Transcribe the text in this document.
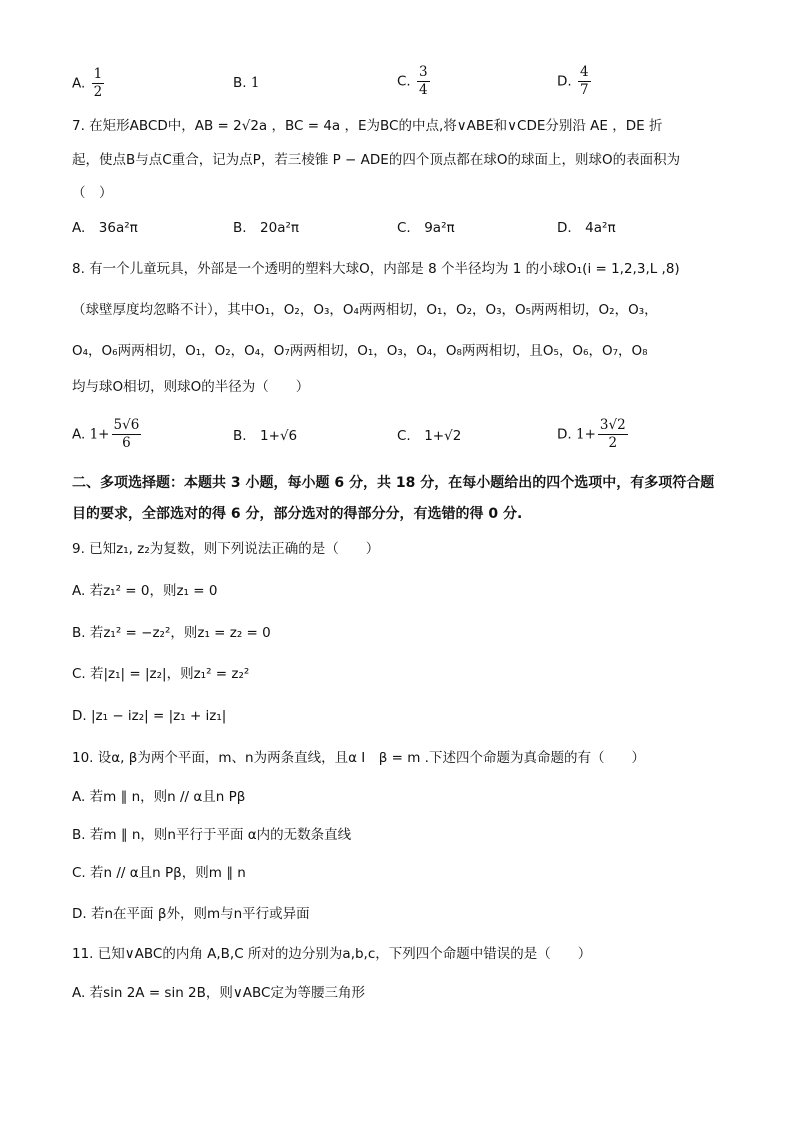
A. $\frac{1}{2}$	B. 1	C. $\frac{3}{4}$	D. $\frac{4}{7}$
7. 在矩形ABCD中，AB = 2√2a ，BC = 4a ，E为BC的中点,将∨ABE和∨CDE分别沿 AE ，DE 折
起，使点B与点C重合，记为点P，若三棱锥 P − ADE的四个顶点都在球O的球面上，则球O的表面积为
（　）
A.　36a²π	B.　20a²π	C.　9a²π	D.　4a²π
8. 有一个儿童玩具，外部是一个透明的塑料大球O，内部是 8 个半径均为 1 的小球O₁(i = 1,2,3,L ,8)
（球壁厚度均忽略不计），其中O₁，O₂，O₃，O₄两两相切，O₁，O₂，O₃，O₅两两相切，O₂，O₃，
O₄，O₆两两相切，O₁，O₂，O₄，O₇两两相切，O₁，O₃，O₄，O₈两两相切，且O₅，O₆，O₇，O₈
均与球O相切，则球O的半径为（　　）
A. $1+ \frac{5√6}{6}$	B.　1+√6	C.　1+√2	D. $1+ \frac{3√2}{2}$
二、多项选择题：本题共 3 小题，每小题 6 分，共 18 分，在每小题给出的四个选项中，有多项符合题目的要求，全部选对的得 6 分，部分选对的得部分分，有选错的得 0 分.
9. 已知z₁, z₂为复数，则下列说法正确的是（　　）
A. 若z₁² = 0，则z₁ = 0
B. 若z₁² = −z₂²，则z₁ = z₂ = 0
C. 若|z₁| = |z₂|，则z₁² = z₂²
D. |z₁ − iz₂| = |z₁ + iz₁|
10. 设α, β为两个平面，m、n为两条直线，且α I　β = m .下述四个命题为真命题的有（　　）
A. 若m ∥ n，则n // α且n Pβ
B. 若m ∥ n，则n平行于平面 α内的无数条直线
C. 若n // α且n Pβ，则m ∥ n
D. 若n在平面 β外，则m与n平行或异面
11. 已知∨ABC的内角 A,B,C 所对的边分别为a,b,c，下列四个命题中错误的是（　　）
A. 若sin 2A = sin 2B，则∨ABC定为等腰三角形
